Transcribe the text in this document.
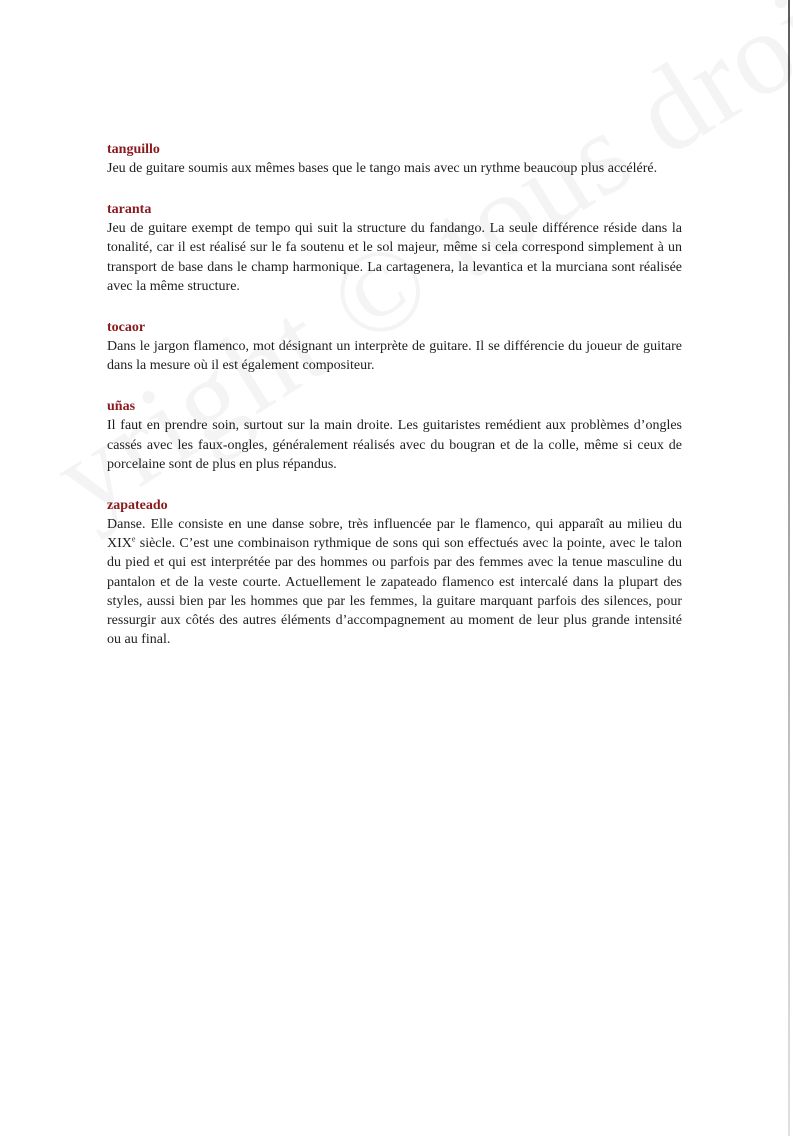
tanguillo

Jeu de guitare soumis aux mêmes bases que le tango mais avec un rythme beaucoup plus accéléré.

taranta

Jeu de guitare exempt de tempo qui suit la structure du fandango. La seule différence réside dans la tonalité, car il est réalisé sur le fa soutenu et le sol majeur, même si cela correspond simplement à un transport de base dans le champ harmonique. La cartagenera, la levantica et la murciana sont réalisée avec la même structure.

tocaor

Dans le jargon flamenco, mot désignant un interprète de guitare. Il se différencie du joueur de guitare dans la mesure où il est également compositeur.

uñas

Il faut en prendre soin, surtout sur la main droite. Les guitaristes remédient aux problèmes d’ongles cassés avec les faux-ongles, généralement réalisés avec du bougran et de la colle, même si ceux de porcelaine sont de plus en plus répandus.

zapateado

Danse. Elle consiste en une danse sobre, très influencée par le flamenco, qui apparaît au milieu du XIXe siècle. C’est une combinaison rythmique de sons qui son effectués avec la pointe, avec le talon du pied et qui est interprétée par des hommes ou parfois par des femmes avec la tenue masculine du pantalon et de la veste courte. Actuellement le zapateado flamenco est intercalé dans la plupart des styles, aussi bien par les hommes que par les femmes, la guitare marquant parfois des silences, pour ressurgir aux côtés des autres éléments d’accompagnement au moment de leur plus grande intensité ou au final.
